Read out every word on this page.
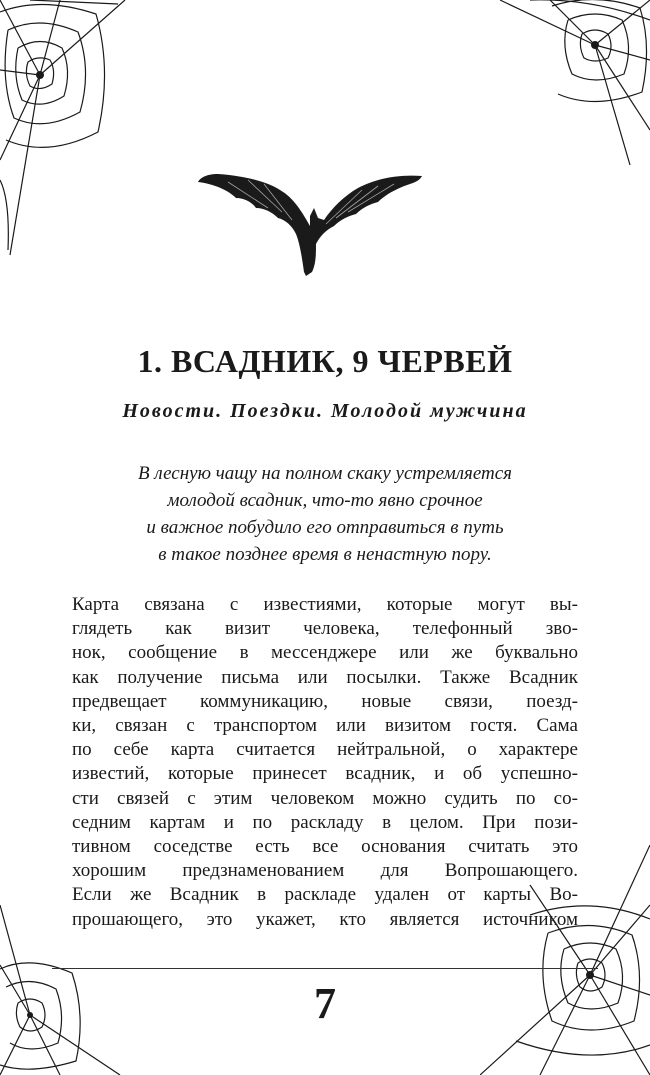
1. ВСАДНИК, 9 ЧЕРВЕЙ
Новости. Поездки. Молодой мужчина
В лесную чащу на полном скаку устремляется
молодой всадник, что-то явно срочное
и важное побудило его отправиться в путь
в такое позднее время в ненастную пору.
Карта связана с известиями, которые могут вы-
глядеть как визит человека, телефонный зво-
нок, сообщение в мессенджере или же буквально
как получение письма или посылки. Также Всадник
предвещает коммуникацию, новые связи, поезд-
ки, связан с транспортом или визитом гостя. Сама
по себе карта считается нейтральной, о характере
известий, которые принесет всадник, и об успешно-
сти связей с этим человеком можно судить по со-
седним картам и по раскладу в целом. При пози-
тивном соседстве есть все основания считать это
хорошим предзнаменованием для Вопрошающего.
Если же Всадник в раскладе удален от карты Во-
прошающего, это укажет, кто является источником
7
